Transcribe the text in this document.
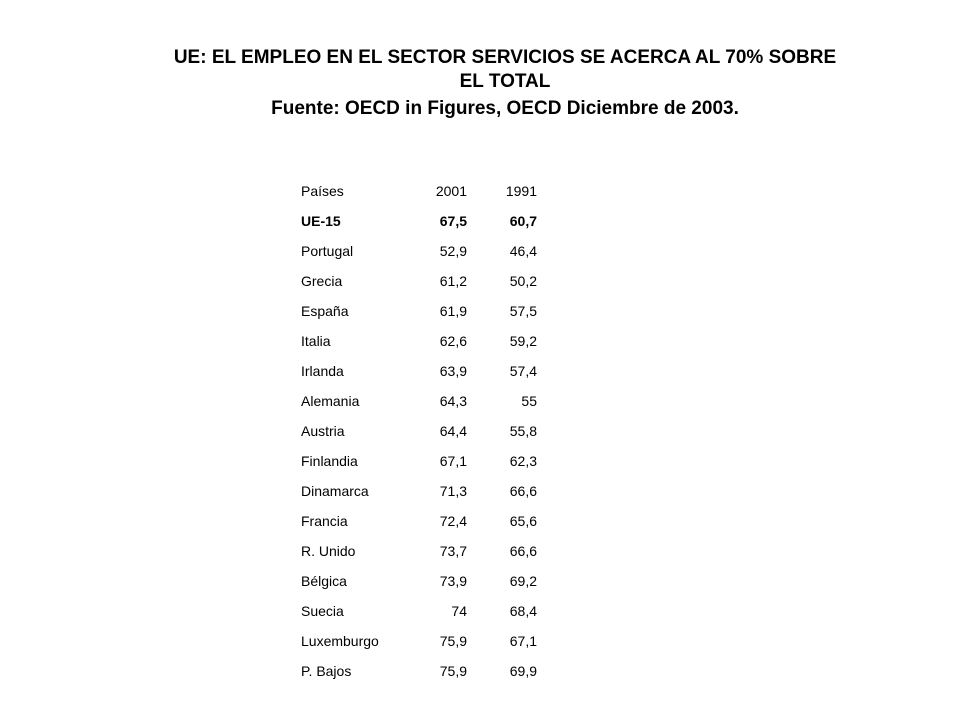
UE: EL EMPLEO EN EL SECTOR SERVICIOS SE ACERCA AL 70% SOBRE
EL TOTAL
Fuente: OECD in Figures, OECD Diciembre de 2003.
Países	2001	1991
UE-15	67,5	60,7
Portugal	52,9	46,4
Grecia	61,2	50,2
España	61,9	57,5
Italia	62,6	59,2
Irlanda	63,9	57,4
Alemania	64,3	55
Austria	64,4	55,8
Finlandia	67,1	62,3
Dinamarca	71,3	66,6
Francia	72,4	65,6
R. Unido	73,7	66,6
Bélgica	73,9	69,2
Suecia	74	68,4
Luxemburgo	75,9	67,1
P. Bajos	75,9	69,9
